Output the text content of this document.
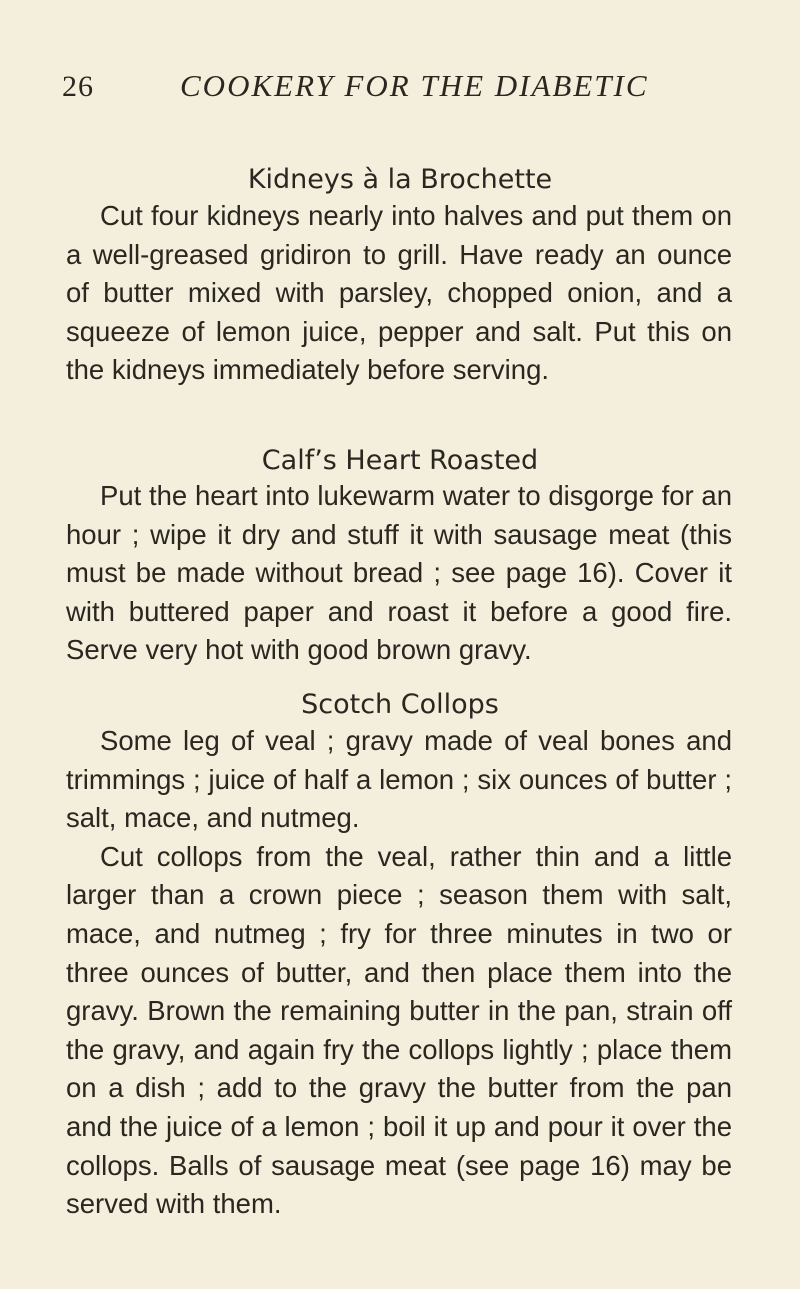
26	COOKERY FOR THE DIABETIC
Kidneys à la Brochette

Cut four kidneys nearly into halves and put them on a well-greased gridiron to grill. Have ready an ounce of butter mixed with parsley, chopped onion, and a squeeze of lemon juice, pepper and salt. Put this on the kidneys immediately before serving.

Calf’s Heart Roasted

Put the heart into lukewarm water to disgorge for an hour ; wipe it dry and stuff it with sausage meat (this must be made without bread ; see page 16). Cover it with buttered paper and roast it before a good fire. Serve very hot with good brown gravy.

Scotch Collops

Some leg of veal ; gravy made of veal bones and trimmings ; juice of half a lemon ; six ounces of butter ; salt, mace, and nutmeg.

Cut collops from the veal, rather thin and a little larger than a crown piece ; season them with salt, mace, and nutmeg ; fry for three minutes in two or three ounces of butter, and then place them into the gravy. Brown the remaining butter in the pan, strain off the gravy, and again fry the collops lightly ; place them on a dish ; add to the gravy the butter from the pan and the juice of a lemon ; boil it up and pour it over the collops. Balls of sausage meat (see page 16) may be served with them.
